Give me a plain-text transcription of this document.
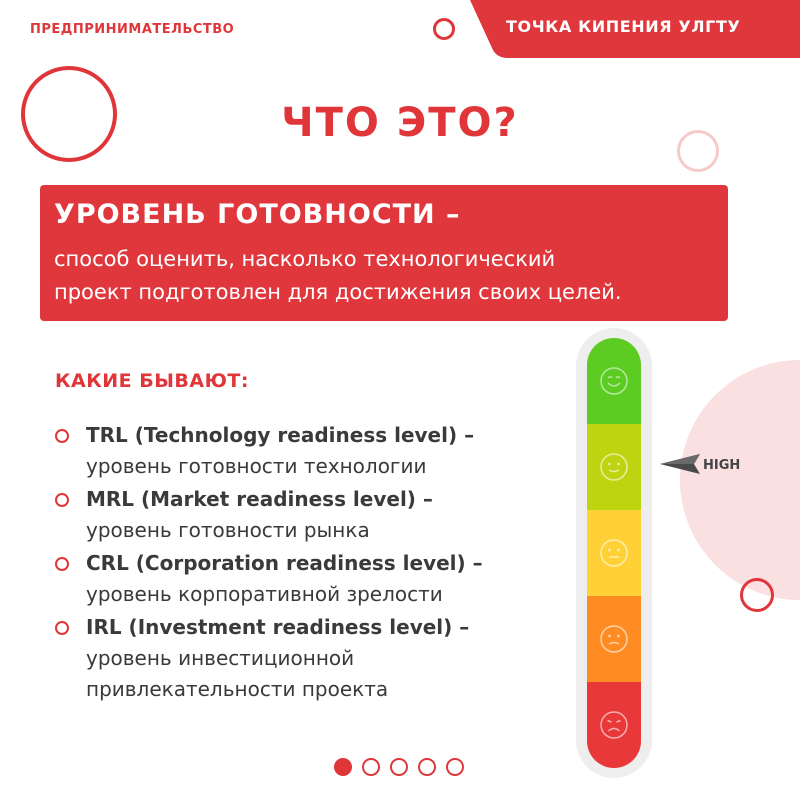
ПРЕДПРИНИМАТЕЛЬСТВО	ТОЧКА КИПЕНИЯ УЛГТУ
ЧТО ЭТО?
УРОВЕНЬ ГОТОВНОСТИ –
способ оценить, насколько технологический
проект подготовлен для достижения своих целей.
КАКИЕ БЫВАЮТ:
TRL (Technology readiness level) –
уровень готовности технологии
MRL (Market readiness level) –
уровень готовности рынка
CRL (Corporation readiness level) –
уровень корпоративной зрелости
IRL (Investment readiness level) –
уровень инвестиционной
привлекательности проекта
HIGH
